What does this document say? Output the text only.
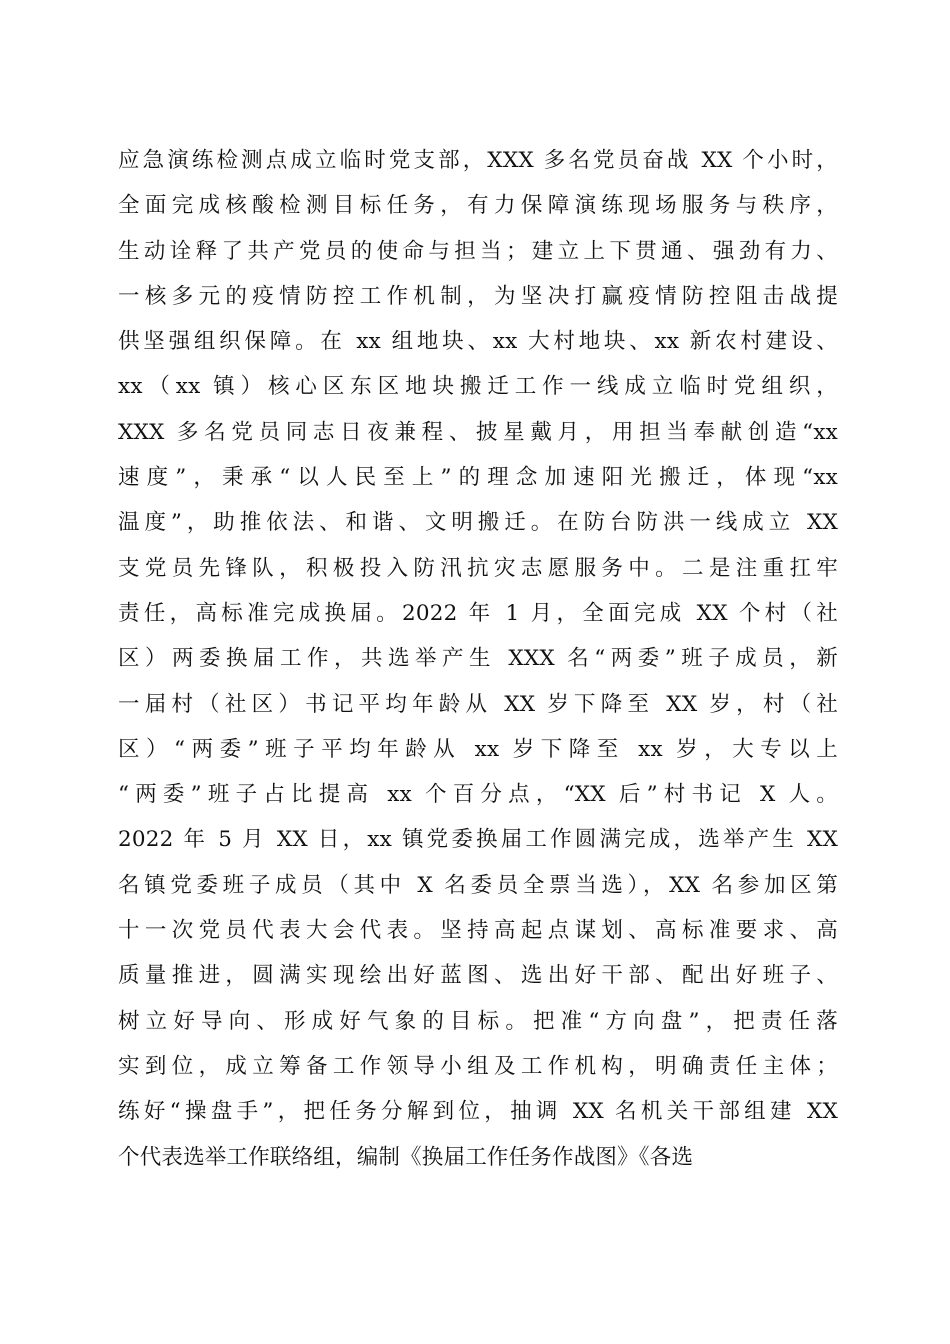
应急演练检测点成立临时党支部，XXX 多名党员奋战 XX 个小时，
全面完成核酸检测目标任务，有力保障演练现场服务与秩序，
生动诠释了共产党员的使命与担当；建立上下贯通、强劲有力、
一核多元的疫情防控工作机制，为坚决打赢疫情防控阻击战提
供坚强组织保障。在 xx 组地块、xx 大村地块、xx 新农村建设、
xx（xx 镇）核心区东区地块搬迁工作一线成立临时党组织，
XXX 多名党员同志日夜兼程、披星戴月，用担当奉献创造“xx
速度”，秉承“以人民至上”的理念加速阳光搬迁，体现“xx
温度”，助推依法、和谐、文明搬迁。在防台防洪一线成立 XX
支党员先锋队，积极投入防汛抗灾志愿服务中。二是注重扛牢
责任，高标准完成换届。2022 年 1 月，全面完成 XX 个村（社
区）两委换届工作，共选举产生 XXX 名“两委”班子成员，新
一届村（社区）书记平均年龄从 XX 岁下降至 XX 岁，村（社
区）“两委”班子平均年龄从 xx 岁下降至 xx 岁，大专以上
“两委”班子占比提高 xx 个百分点，“XX 后”村书记 X 人。
2022 年 5 月 XX 日，xx 镇党委换届工作圆满完成，选举产生 XX
名镇党委班子成员（其中 X 名委员全票当选），XX 名参加区第
十一次党员代表大会代表。坚持高起点谋划、高标准要求、高
质量推进，圆满实现绘出好蓝图、选出好干部、配出好班子、
树立好导向、形成好气象的目标。把准“方向盘”，把责任落
实到位，成立筹备工作领导小组及工作机构，明确责任主体；
练好“操盘手”，把任务分解到位，抽调 XX 名机关干部组建 XX
个代表选举工作联络组，编制《换届工作任务作战图》《各选
